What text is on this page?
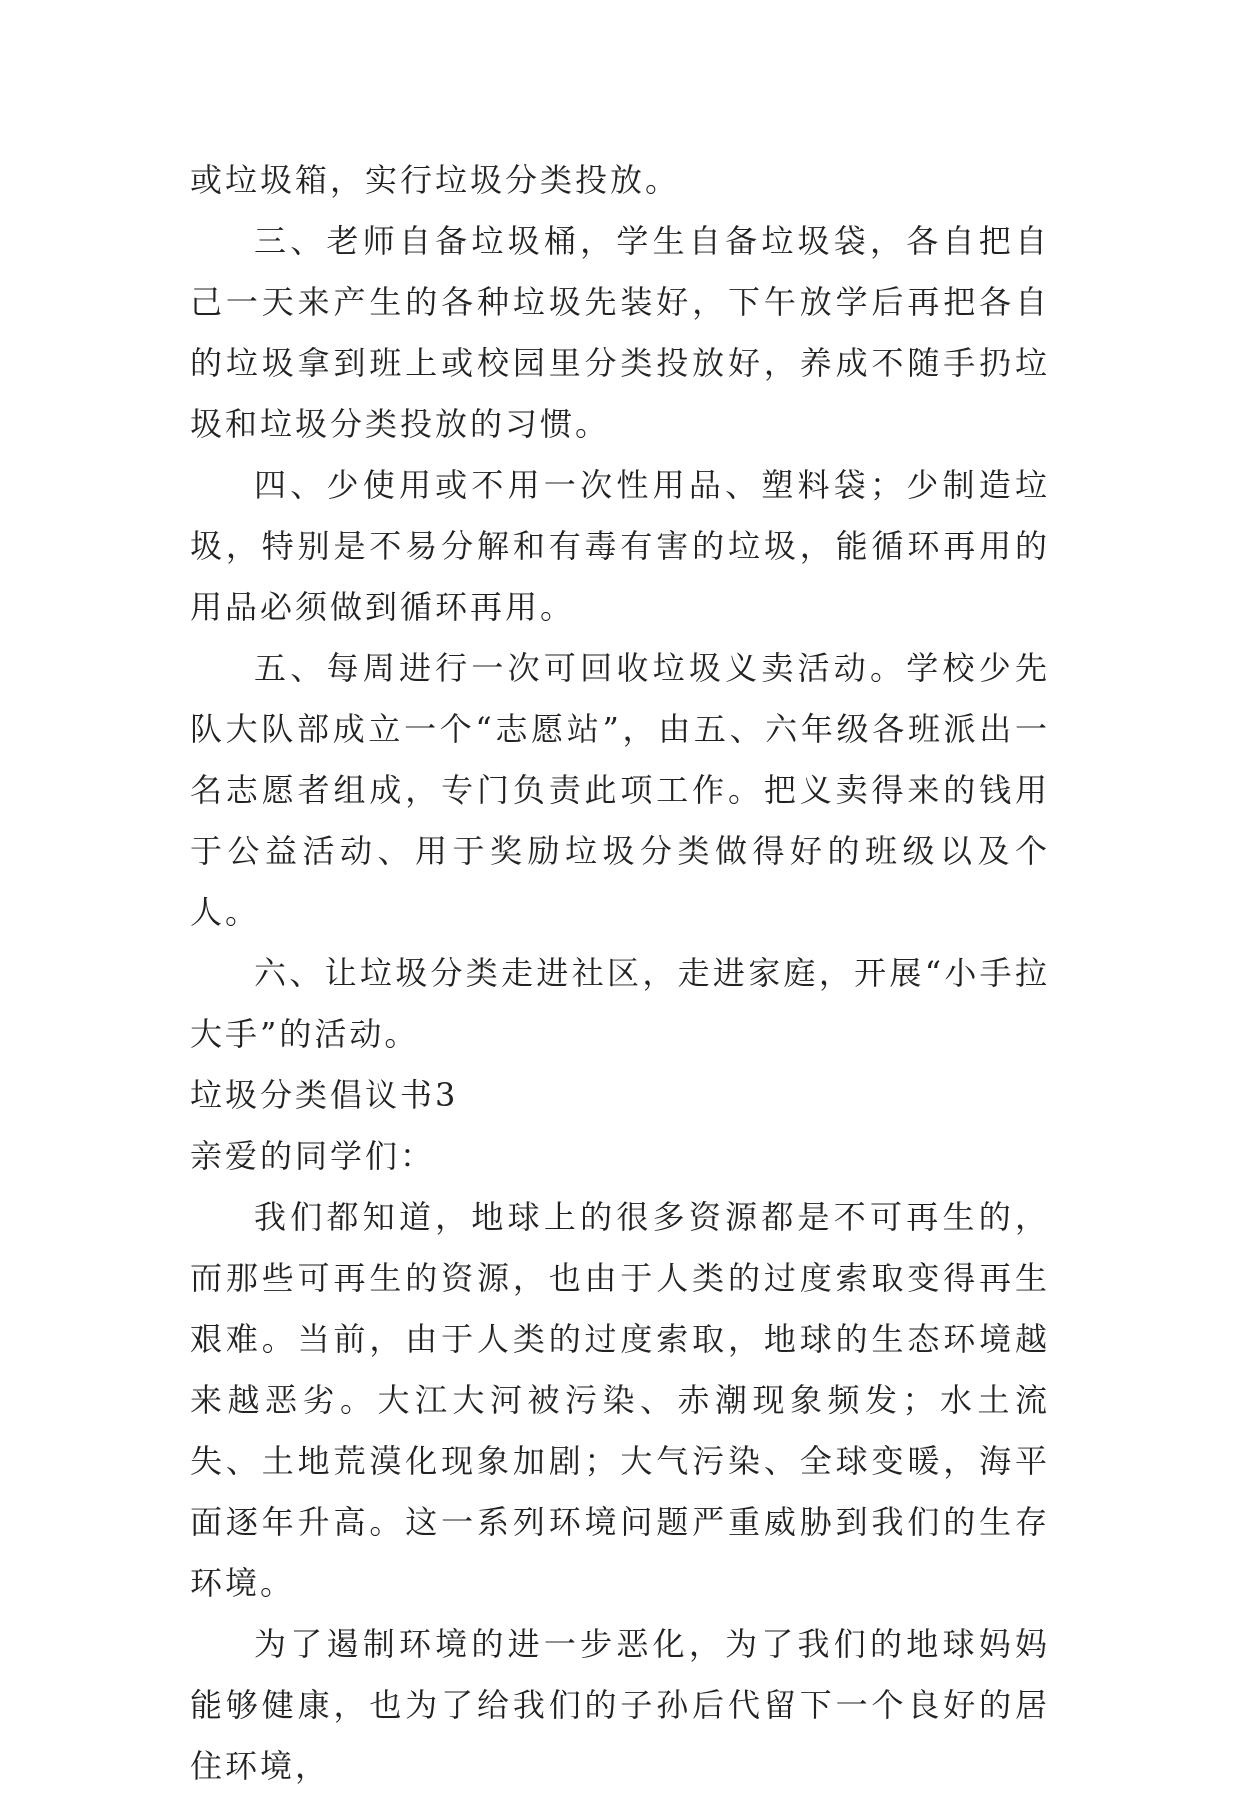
或垃圾箱，实行垃圾分类投放。

三、老师自备垃圾桶，学生自备垃圾袋，各自把自己一天来产生的各种垃圾先装好，下午放学后再把各自的垃圾拿到班上或校园里分类投放好，养成不随手扔垃圾和垃圾分类投放的习惯。

四、少使用或不用一次性用品、塑料袋；少制造垃圾，特别是不易分解和有毒有害的垃圾，能循环再用的用品必须做到循环再用。

五、每周进行一次可回收垃圾义卖活动。学校少先队大队部成立一个“志愿站”，由五、六年级各班派出一名志愿者组成，专门负责此项工作。把义卖得来的钱用于公益活动、用于奖励垃圾分类做得好的班级以及个人。

六、让垃圾分类走进社区，走进家庭，开展“小手拉大手”的活动。

垃圾分类倡议书3

亲爱的同学们：

我们都知道，地球上的很多资源都是不可再生的，而那些可再生的资源，也由于人类的过度索取变得再生艰难。当前，由于人类的过度索取，地球的生态环境越来越恶劣。大江大河被污染、赤潮现象频发；水土流失、土地荒漠化现象加剧；大气污染、全球变暖，海平面逐年升高。这一系列环境问题严重威胁到我们的生存环境。

为了遏制环境的进一步恶化，为了我们的地球妈妈能够健康，也为了给我们的子孙后代留下一个良好的居住环境，
